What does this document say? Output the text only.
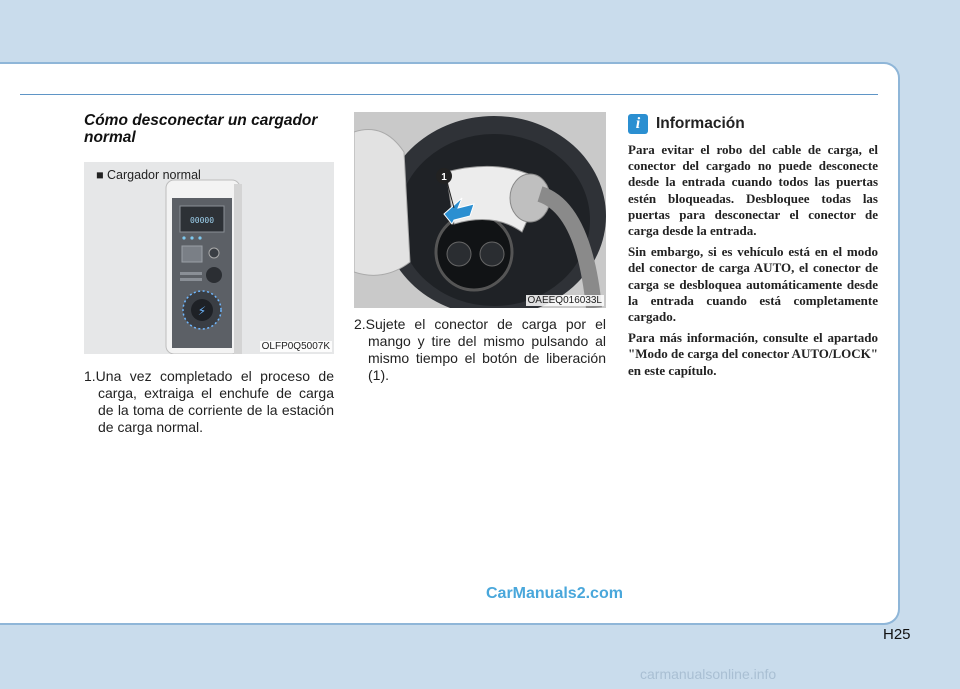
Cómo desconectar un cargador normal
00000
⚡
■ Cargador normal
OLFP0Q5007K
1.Una vez completado el proceso de carga, extraiga el enchufe de carga de la toma de corriente de la estación de carga normal.
1
OAEEQ016033L
2.Sujete el conector de carga por el mango y tire del mismo pulsando al mismo tiempo el botón de liberación (1).
i	Información

Para evitar el robo del cable de carga, el conector del cargado no puede desconecte desde la entrada cuando todos las puertas estén bloqueadas. Desbloquee todas las puertas para desconectar el conector de carga desde la entrada.

Sin embargo, si es vehículo está en el modo del conector de carga AUTO, el conector de carga se desbloquea automáticamente desde la entrada cuando está completamente cargado.

Para más información, consulte el apartado "Modo de carga del conector AUTO/LOCK" en este capítulo.

CarManuals2.com
H25
carmanualsonline.info
